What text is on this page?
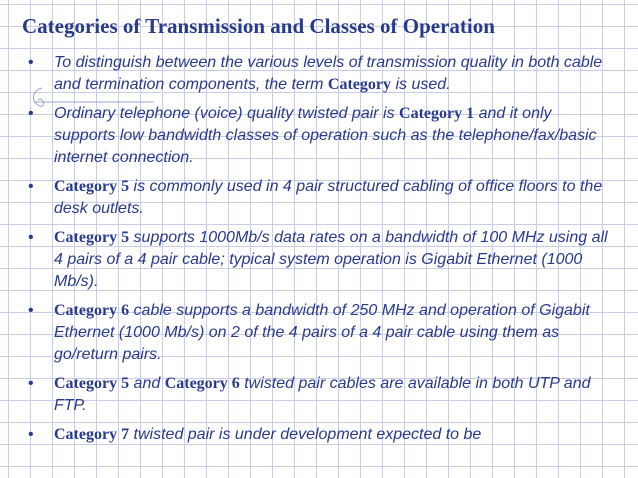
Categories of Transmission and Classes of Operation
• To distinguish between the various levels of transmission quality in both cable and termination components, the term Category is used.
• Ordinary telephone (voice) quality twisted pair is Category 1 and it only supports low bandwidth classes of operation such as the telephone/fax/basic internet connection.
• Category 5 is commonly used in 4 pair structured cabling of office floors to the desk outlets.
• Category 5 supports 1000Mb/s data rates on a bandwidth of 100 MHz using all 4 pairs of a 4 pair cable; typical system operation is Gigabit Ethernet (1000 Mb/s).
• Category 6 cable supports a bandwidth of 250 MHz and operation of Gigabit Ethernet (1000 Mb/s) on 2 of the 4 pairs of a 4 pair cable using them as go/return pairs.
• Category 5 and Category 6 twisted pair cables are available in both UTP and FTP.
• Category 7 twisted pair is under development expected to be
